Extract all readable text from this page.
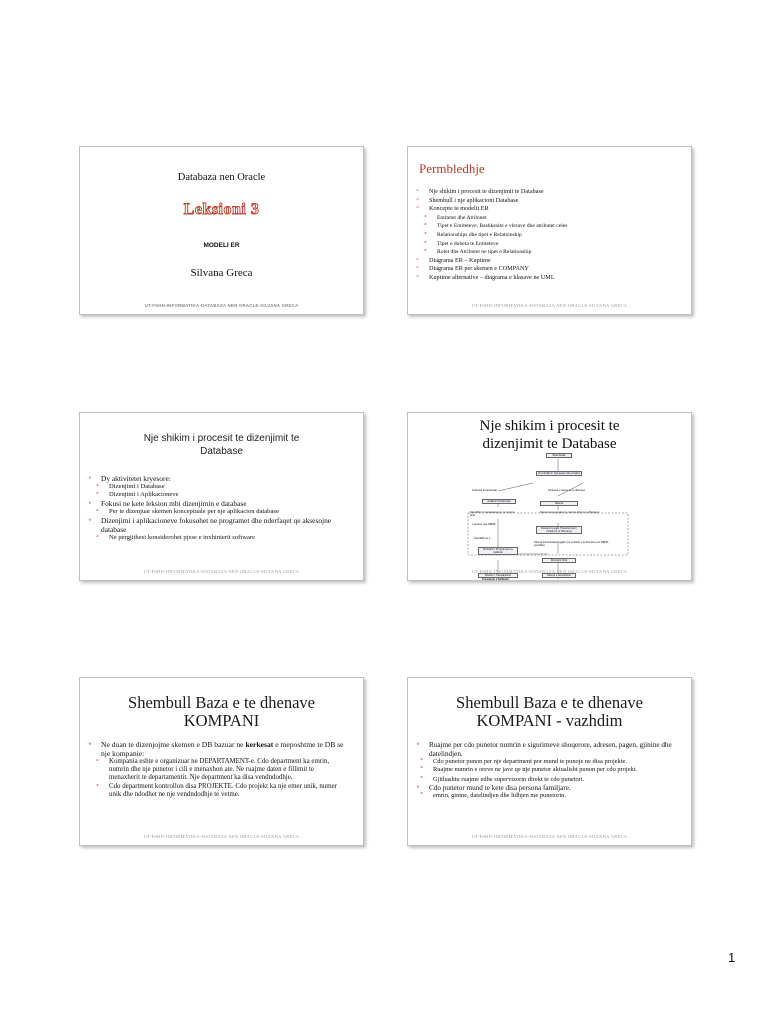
Databaza nen Oracle
Leksioni 3
MODELI ER
Silvana Greca
UT-FSHN-INFORMATIKA-DATABAZA NEN ORACLE-SILVANA GRECA
Permbledhje
∘ Nje shikim i procesit te dizenjimit te Database
∘ Shembull i nje aplikacioni Database
∘ Koncepte te modelit ER
∘ Entitetet dhe Atributet
∘ Tipet e Entiteteve, Bashkesite e vlerave dhe atributet celes
∘ Relationships dhe tipet e Relationship
∘ Tipet e dobeta te Entiteteve
∘ Rolet dhe Atributet ne tipet e Relationship
∘ Diagrama ER – Kuptime
∘ Diagrama ER per skemen e COMPANY
∘ Kuptime alternative – diagrama e klasave ne UML
UT-FSHN-INFORMATIKA-DATABAZA NEN ORACLE-SILVANA GRECA
Nje shikim i procesit te dizenjimit te
Database
∘ Dy aktivitetet kryesore:
∘ Dizenjimi i Database
∘ Dizenjimi i Aplikacioneve
∘ Fokusi ne kete leksion mbi dizenjimin e database
∘ Per te dizenjuar skemen konceptuale per nje aplikacion database
∘ Dizenjimi i aplikacioneve fokusohet ne programet dhe nderfaqet qe aksesojne database
∘ Ne pergjithesi konsiderohet pjese e inxhinierit software
UT-FSHN-INFORMATIKA-DATABAZA NEN ORACLE-SILVANA GRECA
Nje shikim i procesit te
dizenjimit te Database
Bota Reale
Grumbullimi i kerkesave dhe Analiza
Kerkesat Funksionale	Kerkesat e bazes se te dhenave
Analiza Funksionale
Skema
Specifikimi i transaksioneve ne nivel te larte
Skema konceptuale (ne nivel te larte te te dhenave)
I pavarur nga DBMS
Dizenjimi Logjik (Transformimi i modelit te te dhenave)
Specifikimet e...
Skema konceptuale Logjike (ne modelin e te dhenave per DBMS specifike)
Dizenjimi i Programeve te Aplikimit
Dizenjimi Fizik
Zbatimi i Transaksionit	Skema e brendshme
Programet e Aplikimit
UT-FSHN-INFORMATIKA-DATABAZA NEN ORACLE-SILVANA GRECA
Shembull Baza e te dhenave
KOMPANI
∘ Ne duan te dizenjojme skemen e DB bazuar ne kerkesat e meposhtme te DB se nje kompanie:
∘ Kompania eshte e organizuar ne DEPARTAMENT-e. Cdo department ka emrin, numrin dhe nje punetor i cili e menaxhon ate. Ne ruajme daten e fillimit te menaxherit te departamentit. Nje department ka disa vendndodhje.
∘ Cdo department kontrollon disa PROJEKTE. Cdo projekt ka nje emer unik, numer unik dhe ndodhet ne nje vendndodhje te vetme.
UT-FSHN-INFORMATIKA-DATABAZA NEN ORACLE-SILVANA GRECA
Shembull Baza e te dhenave
KOMPANI - vazhdim
∘ Ruajme per cdo punetor numrin e sigurimeve shoqerore, adresen, pagen, gjinine dhe datelindjen.
∘ Cdo punetor punon per nje department por mund te punoje ne disa projekte.
∘ Ruajme numrin e oreve ne jave qe nje punetor aktualisht punon per cdo projekt.
∘ Gjithashtu ruajme edhe supervizorin direkt te cdo punetori.
∘ Cdo punetor mund te kete disa persona familjare.
∘ emrin, ginine, datelindjen dhe lidhjen me punetorin.
UT-FSHN-INFORMATIKA-DATABAZA NEN ORACLE-SILVANA GRECA
1
